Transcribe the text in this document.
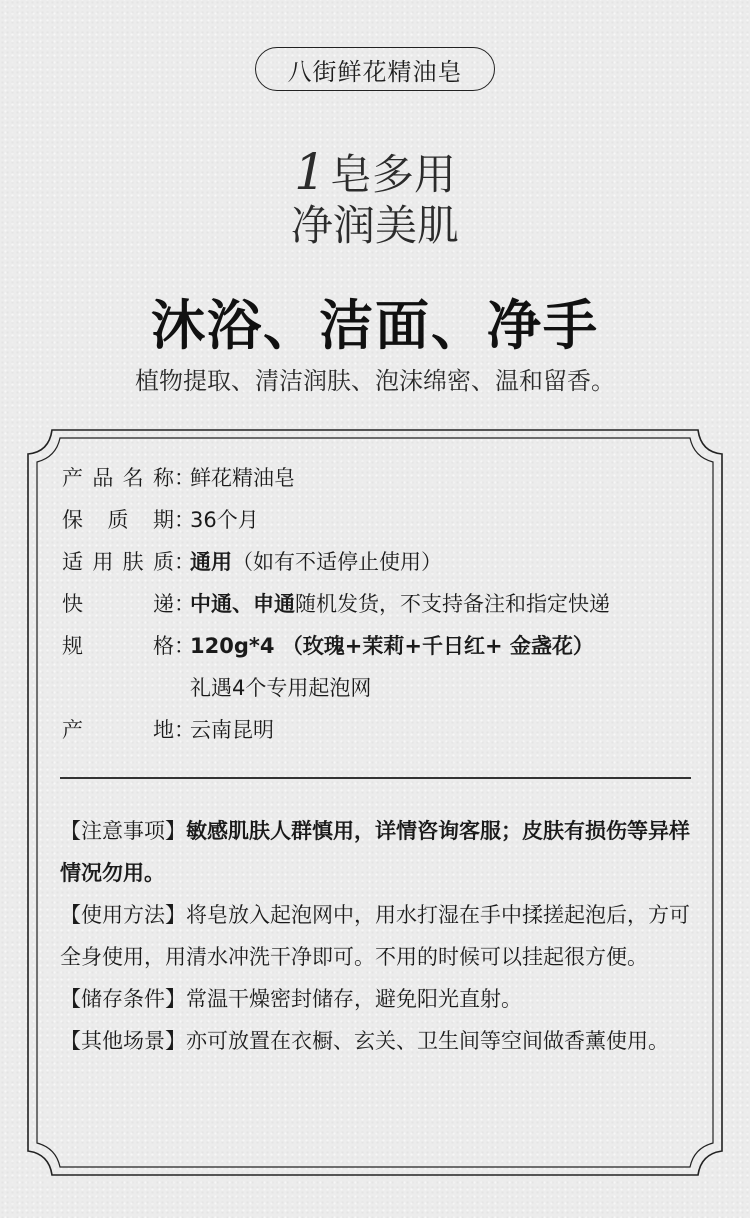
八街鲜花精油皂
1皂多用
净润美肌
沐浴、洁面、净手
植物提取、清洁润肤、泡沫绵密、温和留香。
产 品 名 称 ：
鲜花精油皂
保 质 期 ：
36个月
适 用 肤 质 ：
通用（如有不适停止使用）
快	递 ：
中通、申通随机发货，不支持备注和指定快递
规	格 ：
120g*4 （玫瑰+茉莉+千日红+ 金盏花）
礼遇4个专用起泡网
产	地 ：
云南昆明

【注意事项】敏感肌肤人群慎用，详情咨询客服；皮肤有损伤等异样情况勿用。

【使用方法】将皂放入起泡网中，用水打湿在手中揉搓起泡后，方可全身使用，用清水冲洗干净即可。不用的时候可以挂起很方便。

【储存条件】常温干燥密封储存，避免阳光直射。

【其他场景】亦可放置在衣橱、玄关、卫生间等空间做香薰使用。
